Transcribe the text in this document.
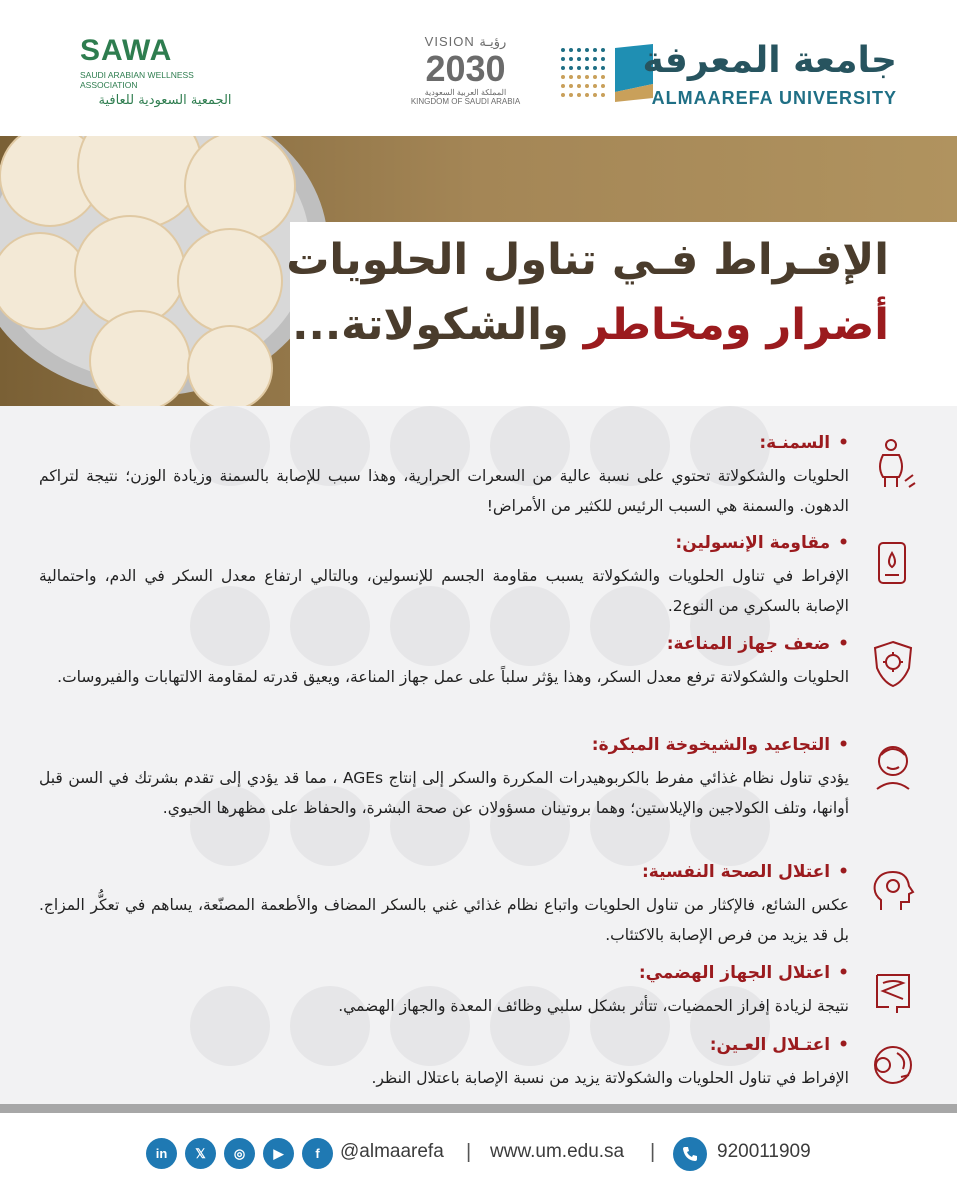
جامعة المعرفة
ALMAAREFA UNIVERSITY
VISION رؤيـة
2030
المملكة العربية السعودية
KINGDOM OF SAUDI ARABIA
SAWA
SAUDI ARABIAN WELLNESS ASSOCIATION
الجمعية السعودية للعافية
الإفـراط فـي تناول الحلويات
أضرار ومخاطر والشكولاتة...
•السمنـة:
الحلويات والشكولاتة تحتوي على نسبة عالية من السعرات الحرارية، وهذا سبب للإصابة بالسمنة وزيادة الوزن؛ نتيجة لتراكم الدهون. والسمنة هي السبب الرئيس للكثير من الأمراض!
•مقاومة الإنسولين:
الإفراط في تناول الحلويات والشكولاتة يسبب مقاومة الجسم للإنسولين، وبالتالي ارتفاع معدل السكر في الدم، واحتمالية الإصابة بالسكري من النوع2.
•ضعف جهاز المناعة:
الحلويات والشكولاتة ترفع معدل السكر، وهذا يؤثر سلباً على عمل جهاز المناعة، ويعيق قدرته لمقاومة الالتهابات والفيروسات.
•التجاعيد والشيخوخة المبكرة:
يؤدي تناول نظام غذائي مفرط بالكربوهيدرات المكررة والسكر إلى إنتاج AGEs ، مما قد يؤدي إلى تقدم بشرتك في السن قبل أوانها، وتلف الكولاجين والإيلاستين؛ وهما بروتينان مسؤولان عن صحة البشرة، والحفاظ على مظهرها الحيوي.
•اعتلال الصحة النفسية:
عكس الشائع، فالإكثار من تناول الحلويات واتباع نظام غذائي غني بالسكر المضاف والأطعمة المصنّعة، يساهم في تعكُّر المزاج. بل قد يزيد من فرص الإصابة بالاكتئاب.
•اعتلال الجهاز الهضمي:
نتيجة لزيادة إفراز الحمضيات، تتأثر بشكل سلبي وظائف المعدة والجهاز الهضمي.
•اعتـلال العـين:
الإفراط في تناول الحلويات والشكولاتة يزيد من نسبة الإصابة باعتلال النظر.
in	𝕏	◎	▶	f	@almaarefa | www.um.edu.sa |	920011909
